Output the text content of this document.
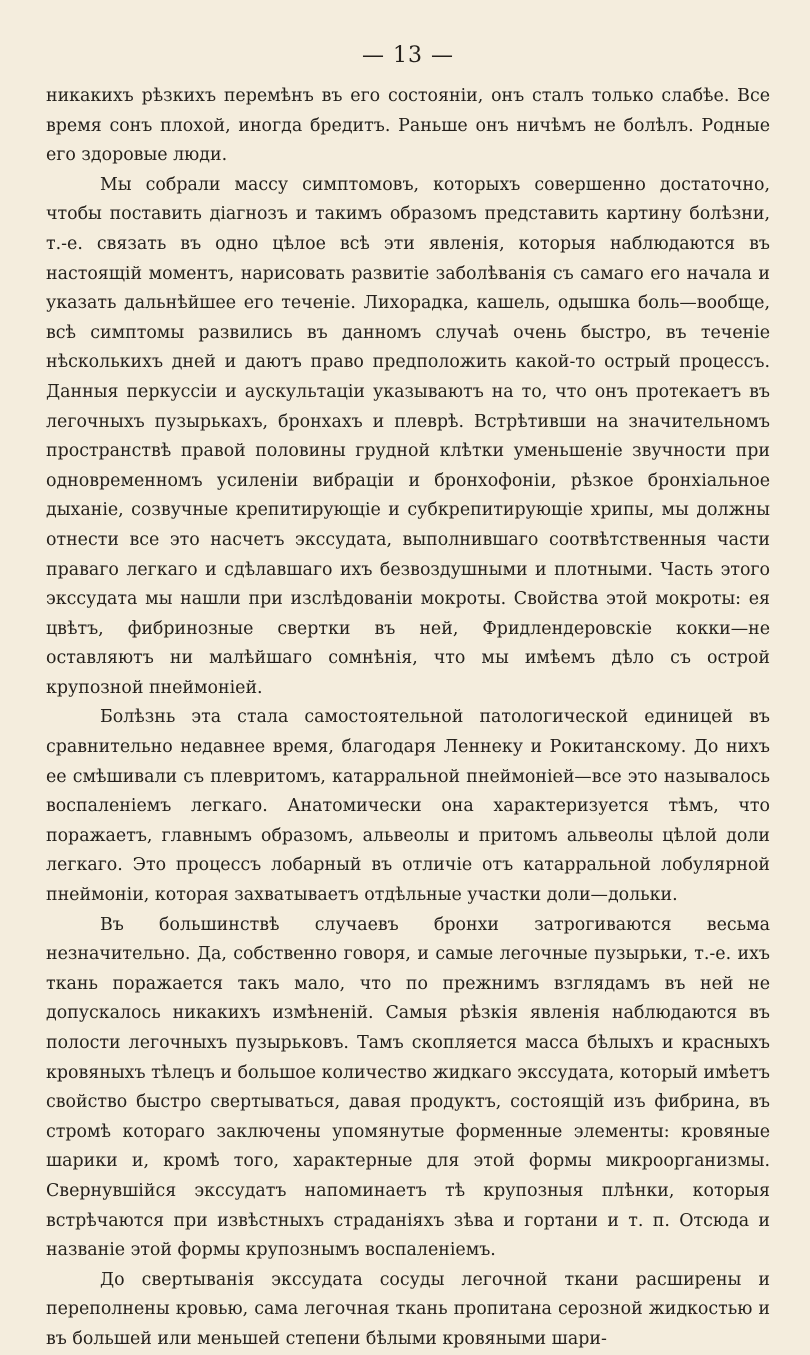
— 13 —

никакихъ рѣзкихъ перемѣнъ въ его состояніи, онъ сталъ только слабѣе. Все время сонъ плохой, иногда бредитъ. Раньше онъ ничѣмъ не болѣлъ. Родные его здоровые люди.

Мы собрали массу симптомовъ, которыхъ совершенно достаточно, чтобы поставить діагнозъ и такимъ образомъ представить картину болѣзни, т.-е. связать въ одно цѣлое всѣ эти явленія, которыя наблюдаются въ настоящій моментъ, нарисовать развитіе заболѣванія съ самаго его начала и указать дальнѣйшее его теченіе. Лихорадка, кашель, одышка боль—вообще, всѣ симптомы развились въ данномъ случаѣ очень быстро, въ теченіе нѣсколькихъ дней и даютъ право предположить какой-то острый процессъ. Данныя перкуссіи и аускультаціи указываютъ на то, что онъ протекаетъ въ легочныхъ пузырькахъ, бронхахъ и плеврѣ. Встрѣтивши на значительномъ пространствѣ правой половины грудной клѣтки уменьшеніе звучности при одновременномъ усиленіи вибраціи и бронхофоніи, рѣзкое бронхіальное дыханіе, созвучные крепитирующіе и субкрепитирующіе хрипы, мы должны отнести все это насчетъ экссудата, выполнившаго соотвѣтственныя части праваго легкаго и сдѣлавшаго ихъ безвоздушными и плотными. Часть этого экссудата мы нашли при изслѣдованіи мокроты. Свойства этой мокроты: ея цвѣтъ, фибринозные свертки въ ней, Фридлендеровскіе кокки—не оставляютъ ни малѣйшаго сомнѣнія, что мы имѣемъ дѣло съ острой крупозной пнеймоніей.

Болѣзнь эта стала самостоятельной патологической единицей въ сравнительно недавнее время, благодаря Леннеку и Рокитанскому. До нихъ ее смѣшивали съ плевритомъ, катарральной пнеймоніей—все это называлось воспаленіемъ легкаго. Анатомически она характеризуется тѣмъ, что поражаетъ, главнымъ образомъ, альвеолы и притомъ альвеолы цѣлой доли легкаго. Это процессъ лобарный въ отличіе отъ катарральной лобулярной пнеймоніи, которая захватываетъ отдѣльные участки доли—дольки.

Въ большинствѣ случаевъ бронхи затрогиваются весьма незначительно. Да, собственно говоря, и самые легочные пузырьки, т.-е. ихъ ткань поражается такъ мало, что по прежнимъ взглядамъ въ ней не допускалось никакихъ измѣненій. Самыя рѣзкія явленія наблюдаются въ полости легочныхъ пузырьковъ. Тамъ скопляется масса бѣлыхъ и красныхъ кровяныхъ тѣлецъ и большое количество жидкаго экссудата, который имѣетъ свойство быстро свертываться, давая продуктъ, состоящій изъ фибрина, въ стромѣ котораго заключены упомянутые форменные элементы: кровяные шарики и, кромѣ того, характерные для этой формы микроорганизмы. Свернувшійся экссудатъ напоминаетъ тѣ крупозныя плѣнки, которыя встрѣчаются при извѣстныхъ страданіяхъ зѣва и гортани и т. п. Отсюда и названіе этой формы крупознымъ воспаленіемъ.

До свертыванія экссудата сосуды легочной ткани расширены и переполнены кровью, сама легочная ткань пропитана серозной жидкостью и въ большей или меньшей степени бѣлыми кровяными шари-
